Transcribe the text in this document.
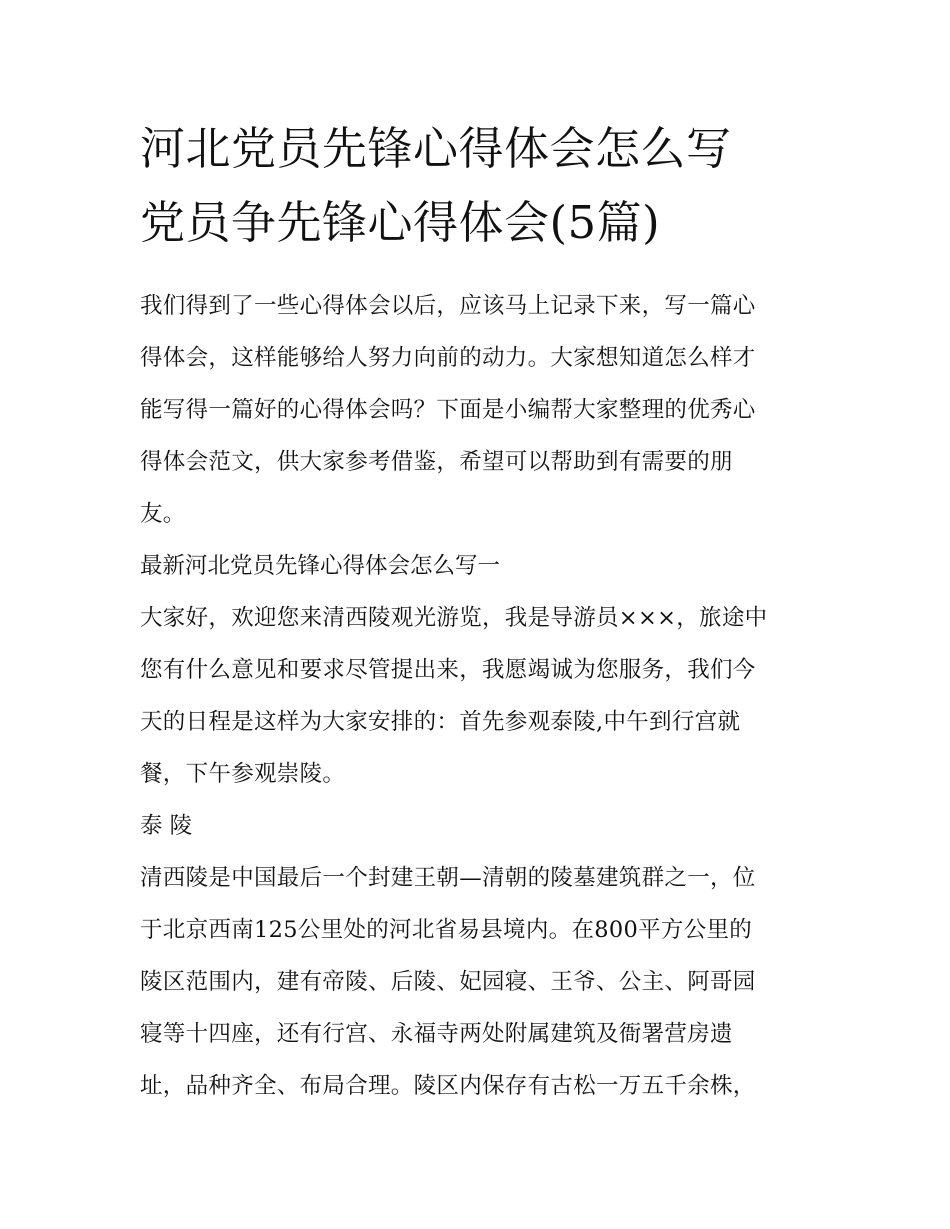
河北党员先锋心得体会怎么写
党员争先锋心得体会(5篇)

我们得到了一些心得体会以后，应该马上记录下来，写一篇心
得体会，这样能够给人努力向前的动力。大家想知道怎么样才
能写得一篇好的心得体会吗？下面是小编帮大家整理的优秀心
得体会范文，供大家参考借鉴，希望可以帮助到有需要的朋
友。

最新河北党员先锋心得体会怎么写一

大家好，欢迎您来清西陵观光游览，我是导游员×××，旅途中
您有什么意见和要求尽管提出来，我愿竭诚为您服务，我们今
天的日程是这样为大家安排的：首先参观泰陵,中午到行宫就
餐，下午参观崇陵。

泰 陵

清西陵是中国最后一个封建王朝—清朝的陵墓建筑群之一，位
于北京西南125公里处的河北省易县境内。在800平方公里的
陵区范围内，建有帝陵、后陵、妃园寝、王爷、公主、阿哥园
寝等十四座，还有行宫、永福寺两处附属建筑及衙署营房遗
址，品种齐全、布局合理。陵区内保存有古松一万五千余株，
